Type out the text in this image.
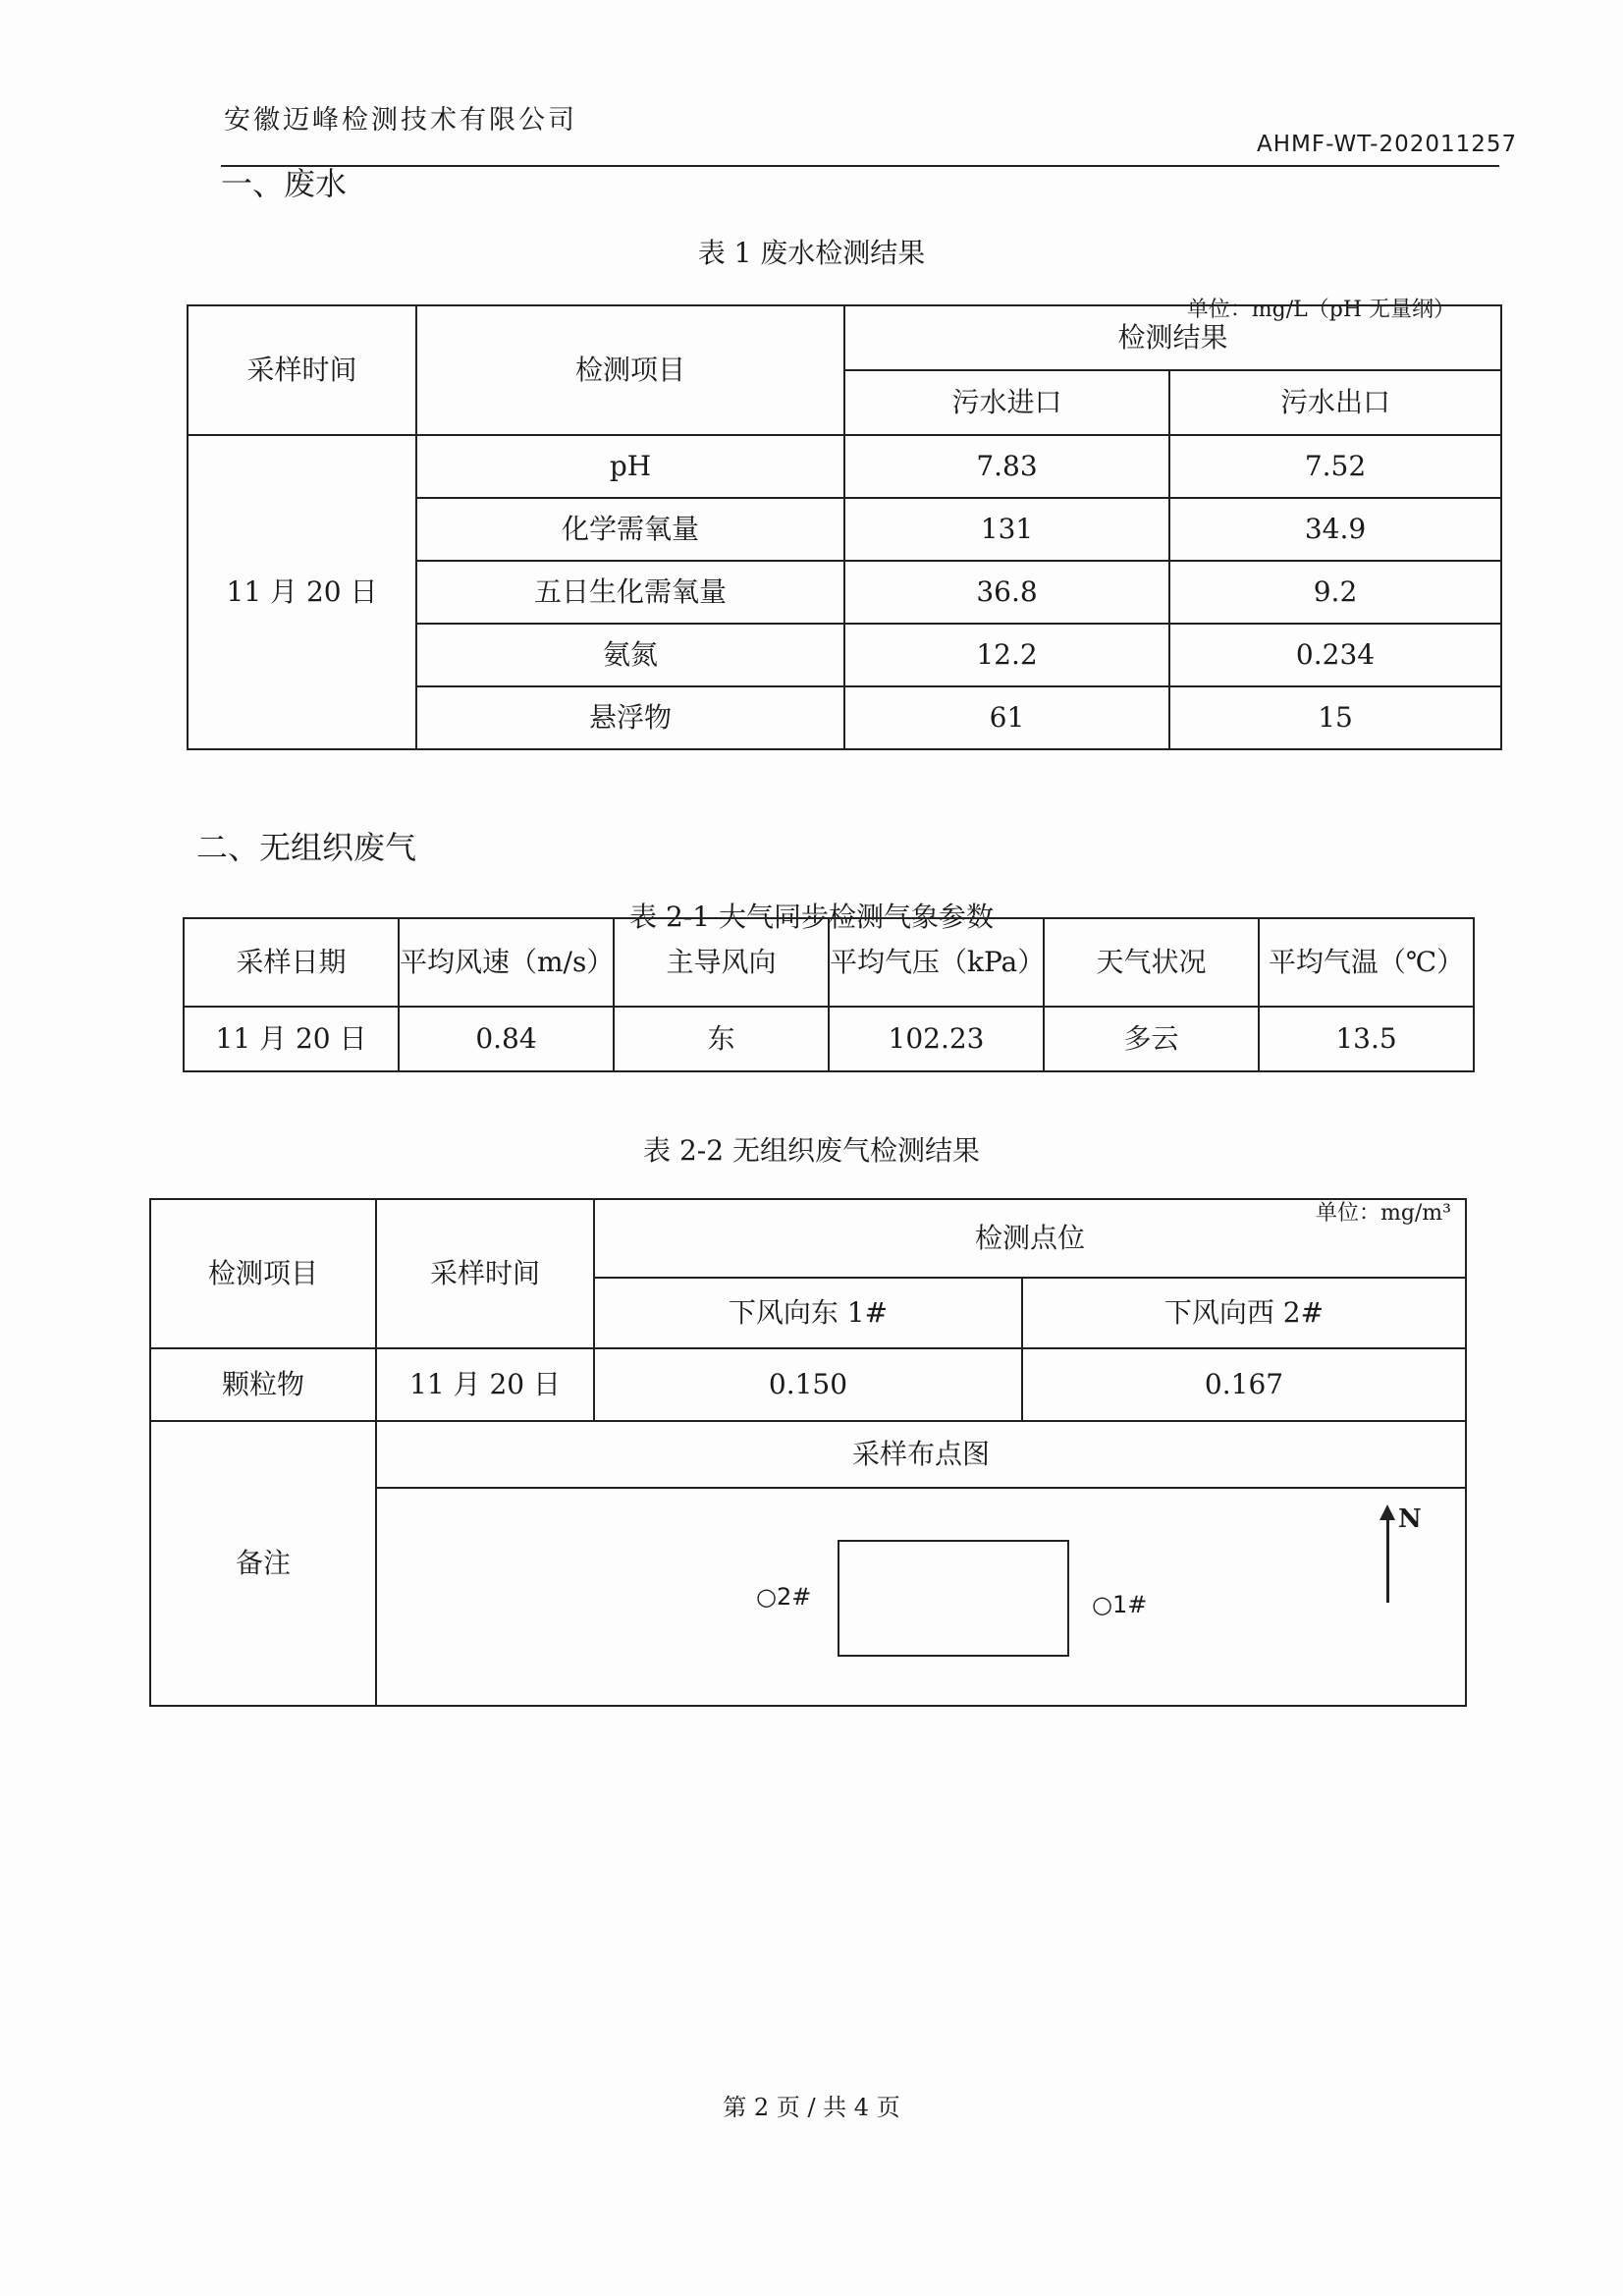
安徽迈峰检测技术有限公司
AHMF-WT-202011257
一、废水
表 1 废水检测结果
单位：mg/L（pH 无量纲）
采样时间	检测项目	检测结果	
		污水进口	污水出口
11 月 20 日	pH	7.83	7.52
	化学需氧量	131	34.9
	五日生化需氧量	36.8	9.2
	氨氮	12.2	0.234
	悬浮物	61	15
二、无组织废气
表 2-1 大气同步检测气象参数
采样日期	平均风速（m/s）	主导风向	平均气压（kPa）	天气状况	平均气温（℃）
11 月 20 日	0.84	东	102.23	多云	13.5
表 2-2 无组织废气检测结果
单位：mg/m³
检测项目	采样时间	检测点位	
		下风向东 1#	下风向西 2#
颗粒物	11 月 20 日	0.150	0.167
备注	采样布点图		

	○2# ○1#
N		
第 2 页 / 共 4 页
